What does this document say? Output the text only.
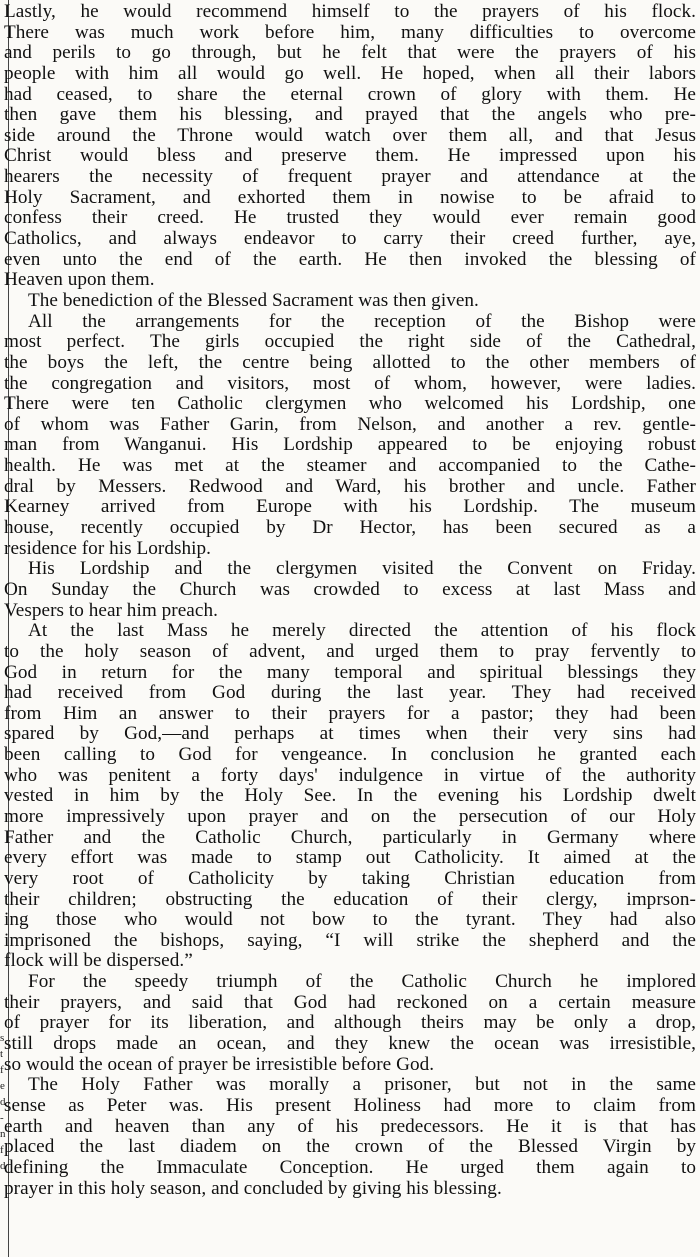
s
t
f
e
d
-
n
f
d
Lastly, he would recommend himself to the prayers of his flock.
There was much work before him, many difficulties to overcome
and perils to go through, but he felt that were the prayers of his
people with him all would go well. He hoped, when all their labors
had ceased, to share the eternal crown of glory with them. He
then gave them his blessing, and prayed that the angels who pre-
side around the Throne would watch over them all, and that Jesus
Christ would bless and preserve them. He impressed upon his
hearers the necessity of frequent prayer and attendance at the
Holy Sacrament, and exhorted them in nowise to be afraid to
confess their creed. He trusted they would ever remain good
Catholics, and always endeavor to carry their creed further, aye,
even unto the end of the earth. He then invoked the blessing of
Heaven upon them.
The benediction of the Blessed Sacrament was then given.
All the arrangements for the reception of the Bishop were
most perfect. The girls occupied the right side of the Cathedral,
the boys the left, the centre being allotted to the other members of
the congregation and visitors, most of whom, however, were ladies.
There were ten Catholic clergymen who welcomed his Lordship, one
of whom was Father Garin, from Nelson, and another a rev. gentle-
man from Wanganui. His Lordship appeared to be enjoying robust
health. He was met at the steamer and accompanied to the Cathe-
dral by Messers. Redwood and Ward, his brother and uncle. Father
Kearney arrived from Europe with his Lordship. The museum
house, recently occupied by Dr Hector, has been secured as a
residence for his Lordship.
His Lordship and the clergymen visited the Convent on Friday.
On Sunday the Church was crowded to excess at last Mass and
Vespers to hear him preach.
At the last Mass he merely directed the attention of his flock
to the holy season of advent, and urged them to pray fervently to
God in return for the many temporal and spiritual blessings they
had received from God during the last year. They had received
from Him an answer to their prayers for a pastor; they had been
spared by God,—and perhaps at times when their very sins had
been calling to God for vengeance. In conclusion he granted each
who was penitent a forty days' indulgence in virtue of the authority
vested in him by the Holy See. In the evening his Lordship dwelt
more impressively upon prayer and on the persecution of our Holy
Father and the Catholic Church, particularly in Germany where
every effort was made to stamp out Catholicity. It aimed at the
very root of Catholicity by taking Christian education from
their children; obstructing the education of their clergy, imprson-
ing those who would not bow to the tyrant. They had also
imprisoned the bishops, saying, “I will strike the shepherd and the
flock will be dispersed.”
For the speedy triumph of the Catholic Church he implored
their prayers, and said that God had reckoned on a certain measure
of prayer for its liberation, and although theirs may be only a drop,
still drops made an ocean, and they knew the ocean was irresistible,
so would the ocean of prayer be irresistible before God.
The Holy Father was morally a prisoner, but not in the same
sense as Peter was. His present Holiness had more to claim from
earth and heaven than any of his predecessors. He it is that has
placed the last diadem on the crown of the Blessed Virgin by
defining the Immaculate Conception. He urged them again to
prayer in this holy season, and concluded by giving his blessing.
